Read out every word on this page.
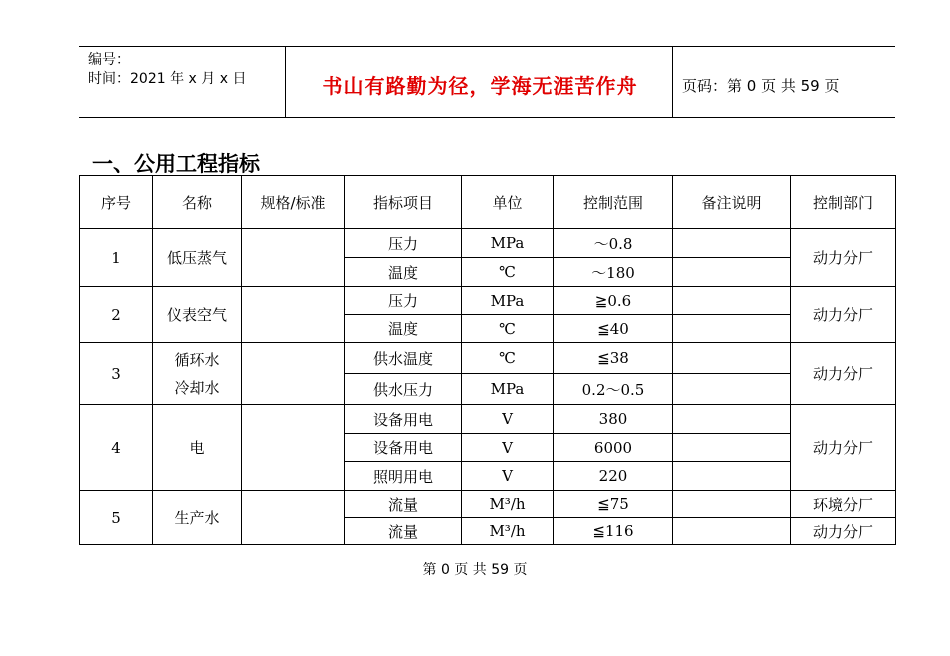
编号：
时间：2021 年 x 月 x 日	书山有路勤为径，学海无涯苦作舟	页码：第 0 页 共 59 页
一、公用工程指标
序号	名称	规格/标准	指标项目	单位	控制范围	备注说明	控制部门
1	低压蒸气		压力	MPa	～0.8		动力分厂
			温度	℃	～180		
2	仪表空气		压力	MPa	≧0.6		动力分厂
			温度	℃	≦40		
3	循环水冷却水		供水温度	℃	≦38		动力分厂
			供水压力	MPa	0.2～0.5		
4	电		设备用电	V	380		动力分厂
			设备用电	V	6000		
			照明用电	V	220		
5	生产水		流量	M³/h	≦75		环境分厂
			流量	M³/h	≦116		动力分厂
第 0 页 共 59 页
